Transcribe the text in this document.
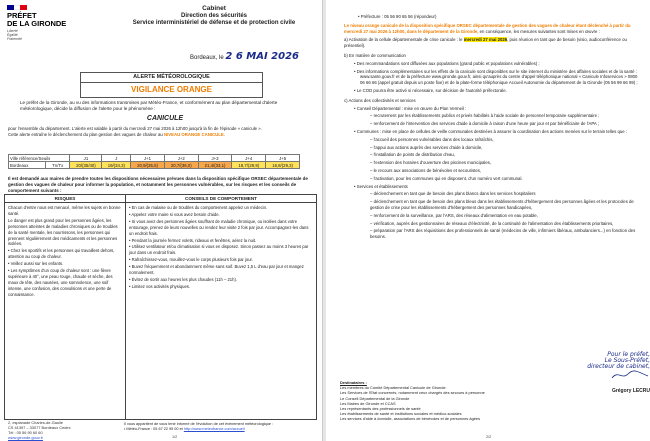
PRÉFET
DE LA GIRONDE
Liberté
Égalité
Fraternité
Cabinet
Direction des sécurités
Service interministériel de défense et de protection civile
Bordeaux, le 2 6 MAI 2026
ALERTE MÉTÉOROLOGIQUE
VIGILANCE ORANGE
Le préfet de la Gironde, au vu des informations transmises par Météo-France, et conformément au plan départemental d'alerte météorologique, décide la diffusion de l'alerte pour le phénomène :
CANICULE
pour l'ensemble du département. L'alerte est valable à partir du mercredi 27 mai 2026 à 12h00 jusqu'à la fin de l'épisode « canicule ».
Cette alerte entraîne le déclenchement du plan gestion des vagues de chaleur au NIVEAU ORANGE CANICULE.
Ville référence/Seuils		J1	J	J+1	J+2	J+3	J+4	J+5
Bordeaux	Tn/Tx	20/(35/40)	19/(34,3)	20,9/(35,5)	20,7/(36,0)	21,4/(33,1)	18,7/(29,9)	16,8/(29,3)
Il est demandé aux maires de prendre toutes les dispositions nécessaires prévues dans la disposition spécifique ORSEC départementale de gestion des vagues de chaleur pour informer la population, et notamment les personnes vulnérables, sur les risques et les conseils de comportement suivants :
RISQUES
Chacun d'entre nous est menacé, même les sujets en bonne santé.
Le danger est plus grand pour les personnes âgées, les personnes atteintes de maladies chroniques ou de troubles de la santé mentale, les nourrissons, les personnes qui prennent régulièrement des médicaments et les personnes isolées.
• Chez les sportifs et les personnes qui travaillent dehors, attention au coup de chaleur.
• Veillez aussi sur les enfants.
• Les symptômes d'un coup de chaleur sont : une fièvre supérieure à 40°, une peau rouge, chaude et sèche, des maux de tête, des nausées, une somnolence, une soif intense, une confusion, des convulsions et une perte de connaissance.
CONSEILS DE COMPORTEMENT
• En cas de malaise ou de troubles du comportement appelez un médecin.
• Appelez votre maire si vous avez besoin d'aide.
• Si vous avez des personnes âgées souffrant de maladie chronique, ou isolées dans votre entourage, prenez de leurs nouvelles ou rendez leur visite 2 fois par jour. Accompagnez-les dans un endroit frais.
• Pendant la journée fermez volets, rideaux et fenêtres, aérez la nuit.
• Utilisez ventilateur et/ou climatisation si vous en disposez. Sinon passez au moins 3 heures par jour dans un endroit frais.
• Rafraîchissez-vous, mouillez-vous le corps plusieurs fois par jour.
• Buvez fréquemment et abondamment même sans soif. Buvez 1,5 L d'eau par jour et mangez normalement.
• Évitez de sortir aux heures les plus chaudes (11h – 21h).
• Limitez vos activités physiques.
Il vous appartient de vous tenir informé de l'évolution de cet événement météorologique :
• Météo-France : 05 67 22 95 00 et http://www.meteofrance.com/accueil
2, esplanade Charles-de-Gaulle
CS 41397 – 33077 Bordeaux Cedex
Tél : 05 56 90 60 60
www.gironde.gouv.fr	1/2

• Préfecture : 05 56 90 65 56 (répondeur)

Le niveau orange canicule de la disposition spécifique ORSEC départementale de gestion des vagues de chaleur étant déclenché à partir du mercredi 27 mai 2026 à 12h00, dans le département de la Gironde, en conséquence, les mesures suivantes sont mises en œuvre :

a) Activation de la cellule départementale de crise canicule : le mercredi 27 mai 2026, puis réunion en tant que de besoin (visio, audioconférence ou présentiel).

b) En matière de communication
• Des recommandations sont diffusées aux populations (grand public et populations vulnérables) ;
• Des informations complémentaires sur les effets de la canicule sont disponibles sur le site internet du ministère des affaires sociales et de la santé : www.sante.gouv.fr et de la préfecture www.gironde.gouv.fr, ainsi qu'auprès du centre d'appel téléphonique national « Canicule Infoservices » 0800 06 66 66 (appel gratuit depuis un poste fixe) et de la plate-forme téléphonique Accueil Autonomie du département de la Gironde (05 56 99 66 99) ;
• Le COD pourra être activé si nécessaire, sur décision de l'autorité préfectorale.
c) Actions des collectivités et services
• Conseil Départemental : mise en œuvre du Plan Vermeil :
– recrutement par les établissements publics et privés habilités à l'aide sociale de personnel temporaire supplémentaire ;
– renforcement de l'intervention des services d'aide à domicile à raison d'une heure par jour et par bénéficiaire de l'APA ;
• Communes : mise en place de cellules de veille communales destinées à assurer la coordination des actions menées sur le terrain telles que :
– l'accueil des personnes vulnérables dans des locaux rafraîchis,
– l'appui aux actions auprès des services d'aide à domicile,
– l'installation de points de distribution d'eau,
– l'extension des horaires d'ouverture des piscines municipales,
– le recours aux associations de bénévoles et secouristes,
– l'activation, pour les communes qui en disposent, d'un numéro vert communal.
• Services et établissements
– déclenchement en tant que de besoin des plans blancs dans les services hospitaliers
– déclenchement en tant que de besoin des plans bleus dans les établissements d'hébergement des personnes âgées et les protocoles de gestion de crise pour les établissements d'hébergement des personnes handicapées,
– renforcement de la surveillance, par l'ARS, des réseaux d'alimentation en eau potable,
– vérification, auprès des gestionnaires de réseaux d'électricité, de la continuité de l'alimentation des établissements prioritaires,
– préparation par l'ARS des réquisitions des professionnels de santé (médecins de ville, infirmiers libéraux, ambulanciers...) en fonction des besoins.
Pour le préfet,
Le Sous-Préfet, directeur de cabinet,
Grégory LECRU
Destinataires :
Les membres du Comité Départemental Canicule de Gironde.
Les Services de l'Etat concernés, notamment ceux chargés des secours à personne
Le Conseil Départemental de la Gironde
Les Maires de Gironde et CCAS
Les représentants des professionnels de santé
Les établissements de santé et institutions sociales et médico-sociales
Les services d'aide à domicile, associations de bénévoles et de personnes âgées
2/2
